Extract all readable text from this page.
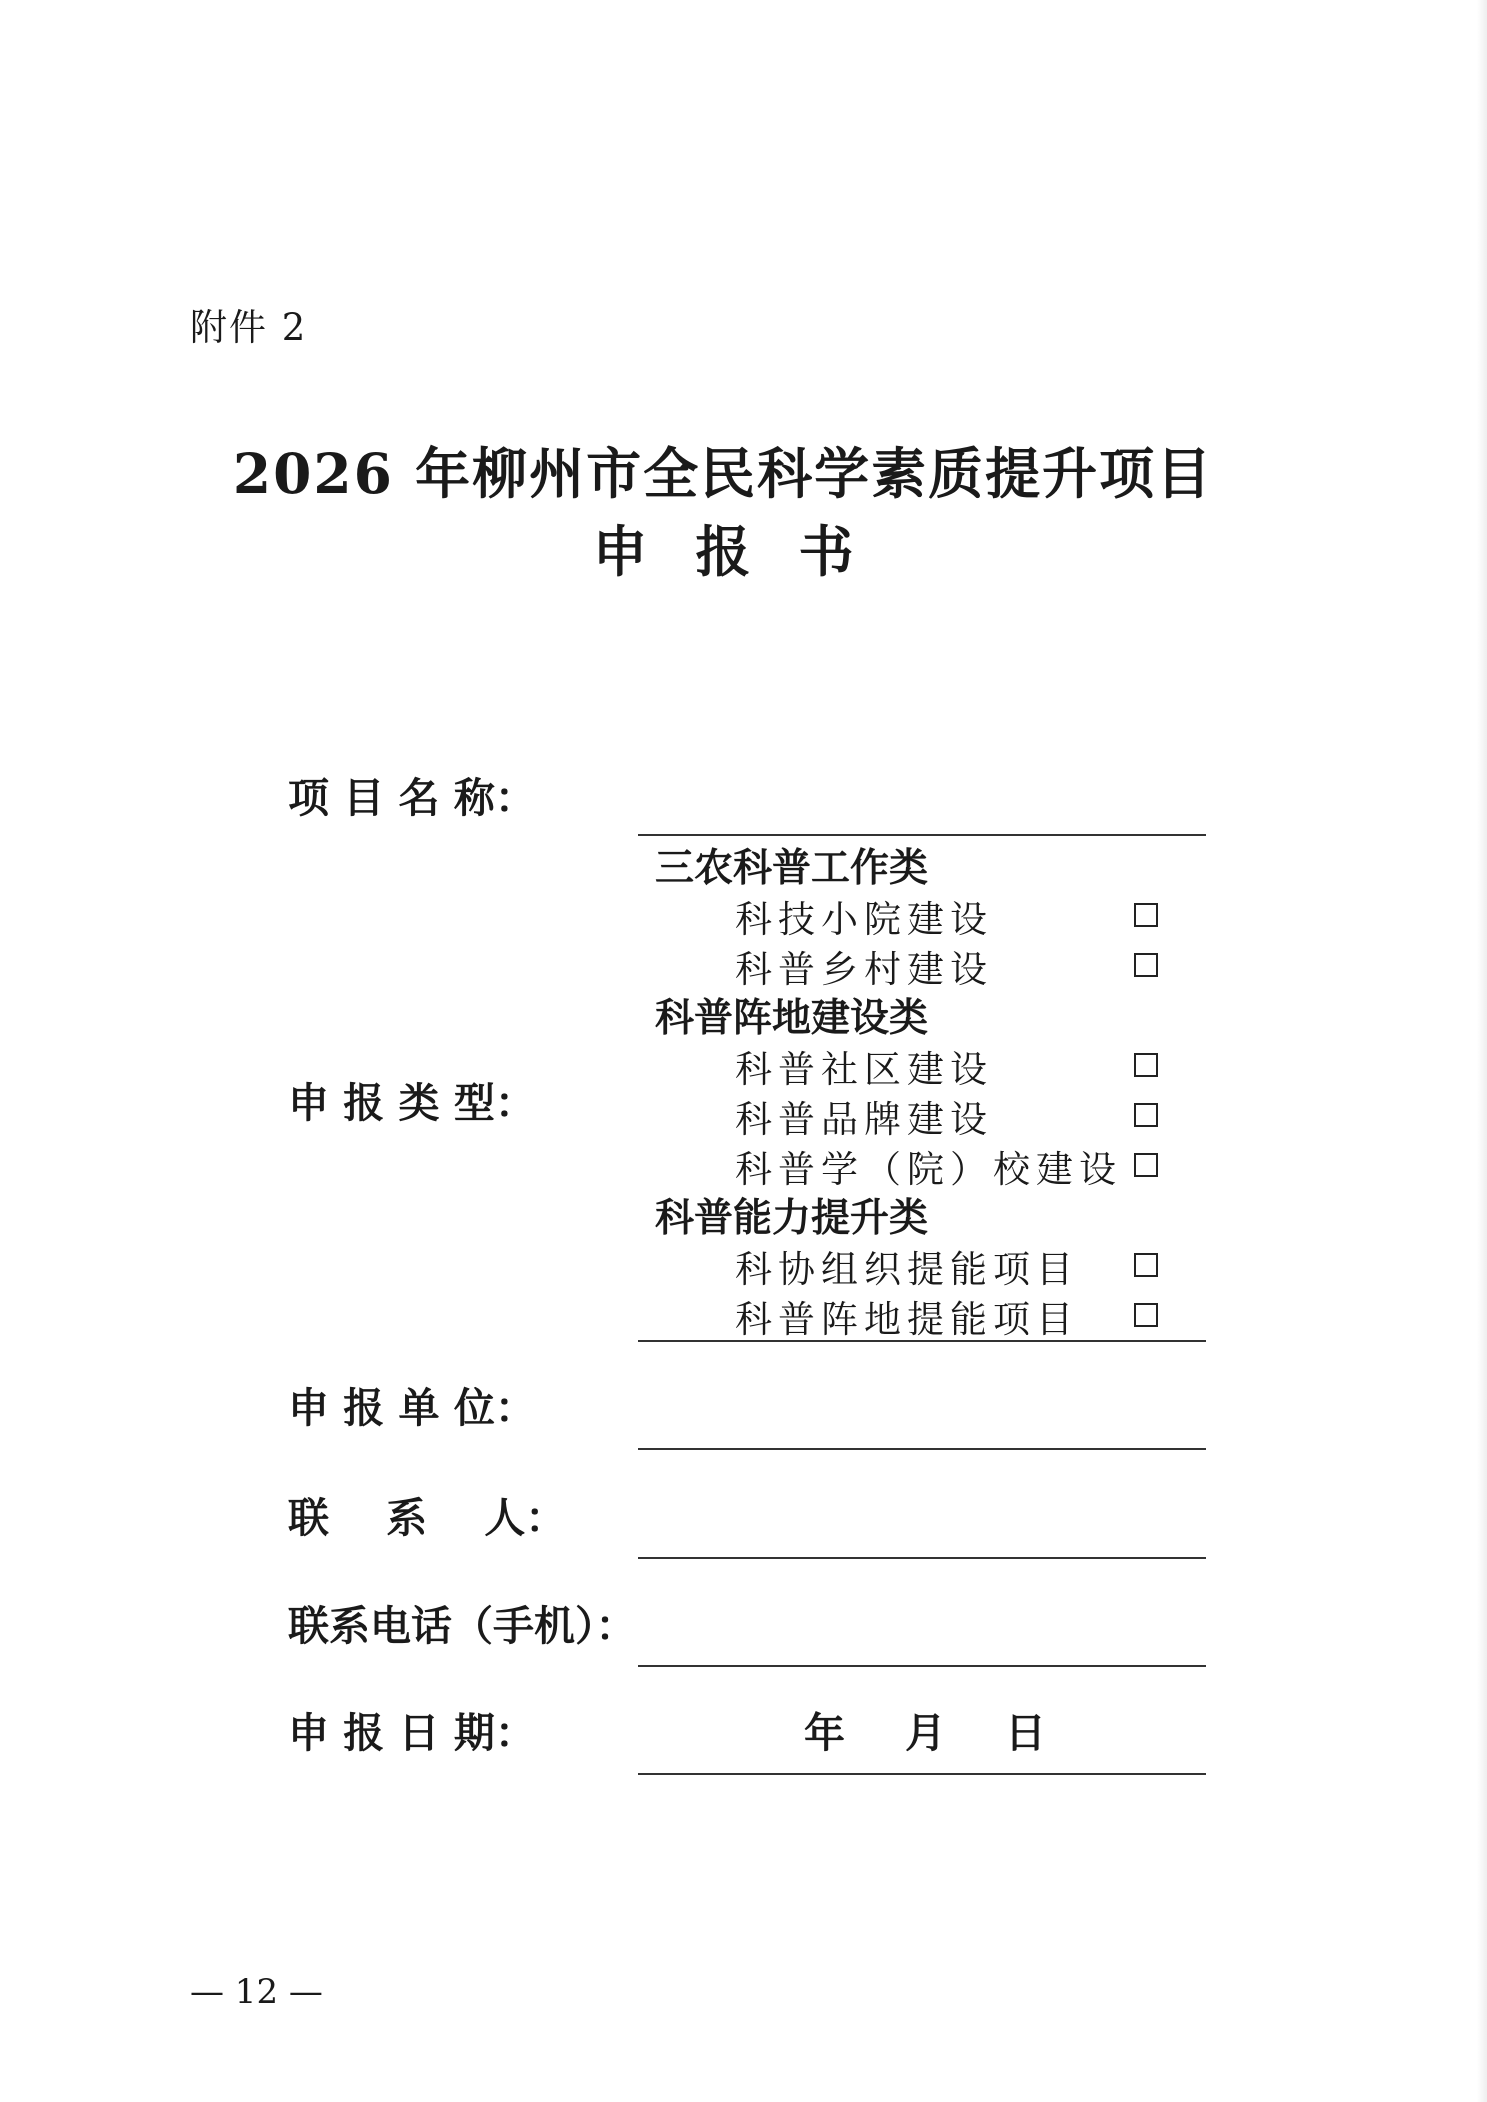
附件 2
2026 年柳州市全民科学素质提升项目
申报书
项 目 名 称：
申 报 类 型：
三农科普工作类
科技小院建设
科普乡村建设
科普阵地建设类
科普社区建设
科普品牌建设
科普学（院）校建设
科普能力提升类
科协组织提能项目
科普阵地提能项目
申 报 单 位：
联    系    人：
联系电话（手机）：
申 报 日 期：	年 月 日
— 12 —
